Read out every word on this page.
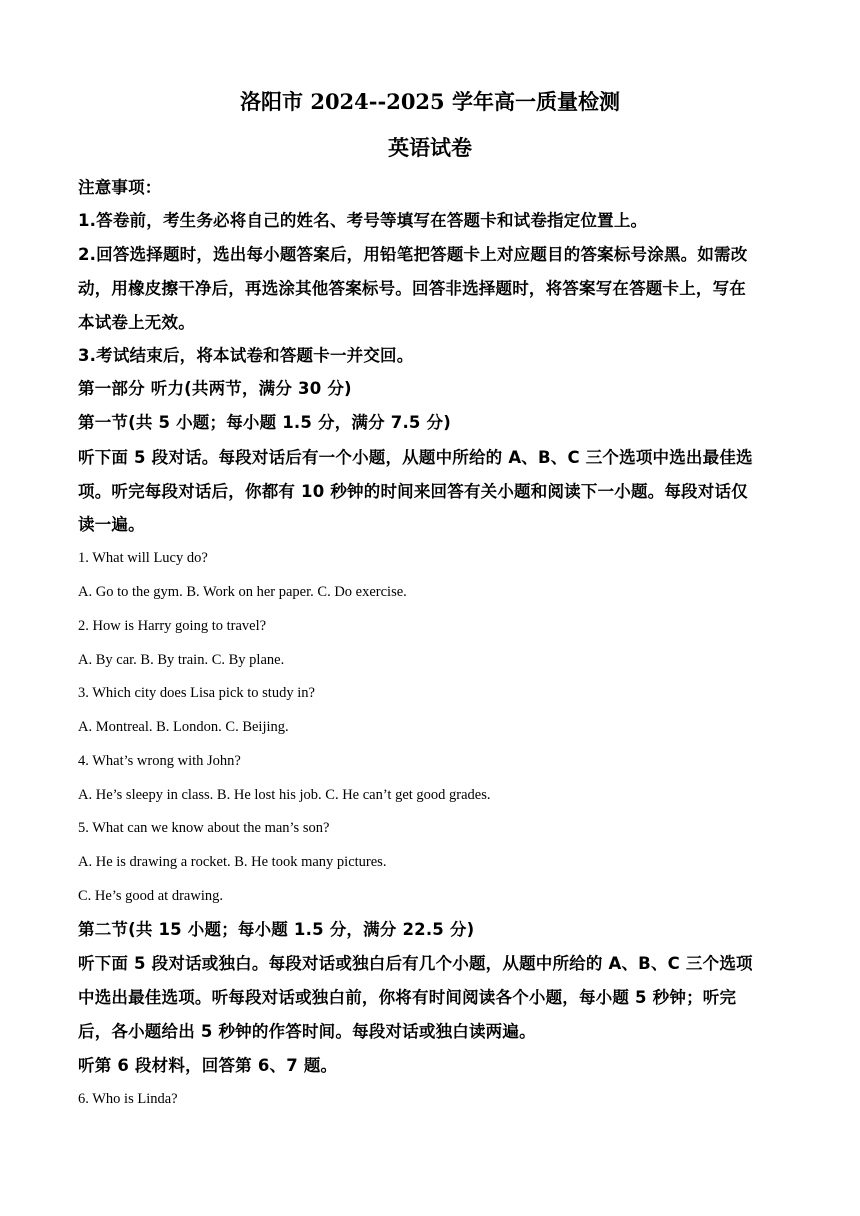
洛阳市 2024--2025 学年高一质量检测
英语试卷
注意事项：
1.答卷前，考生务必将自己的姓名、考号等填写在答题卡和试卷指定位置上。
2.回答选择题时，选出每小题答案后，用铅笔把答题卡上对应题目的答案标号涂黑。如需改
动，用橡皮擦干净后，再选涂其他答案标号。回答非选择题时，将答案写在答题卡上，写在
本试卷上无效。
3.考试结束后，将本试卷和答题卡一并交回。
第一部分 听力(共两节，满分 30 分)
第一节(共 5 小题；每小题 1.5 分，满分 7.5 分)
听下面 5 段对话。每段对话后有一个小题，从题中所给的 A、B、C 三个选项中选出最佳选
项。听完每段对话后，你都有 10 秒钟的时间来回答有关小题和阅读下一小题。每段对话仅
读一遍。
1. What will Lucy do?
A. Go to the gym. B. Work on her paper. C. Do exercise.
2. How is Harry going to travel?
A. By car. B. By train. C. By plane.
3. Which city does Lisa pick to study in?
A. Montreal. B. London. C. Beijing.
4. What’s wrong with John?
A. He’s sleepy in class. B. He lost his job. C. He can’t get good grades.
5. What can we know about the man’s son?
A. He is drawing a rocket. B. He took many pictures.
C. He’s good at drawing.
第二节(共 15 小题；每小题 1.5 分，满分 22.5 分)
听下面 5 段对话或独白。每段对话或独白后有几个小题，从题中所给的 A、B、C 三个选项
中选出最佳选项。听每段对话或独白前，你将有时间阅读各个小题，每小题 5 秒钟；听完
后，各小题给出 5 秒钟的作答时间。每段对话或独白读两遍。
听第 6 段材料，回答第 6、7 题。
6. Who is Linda?
